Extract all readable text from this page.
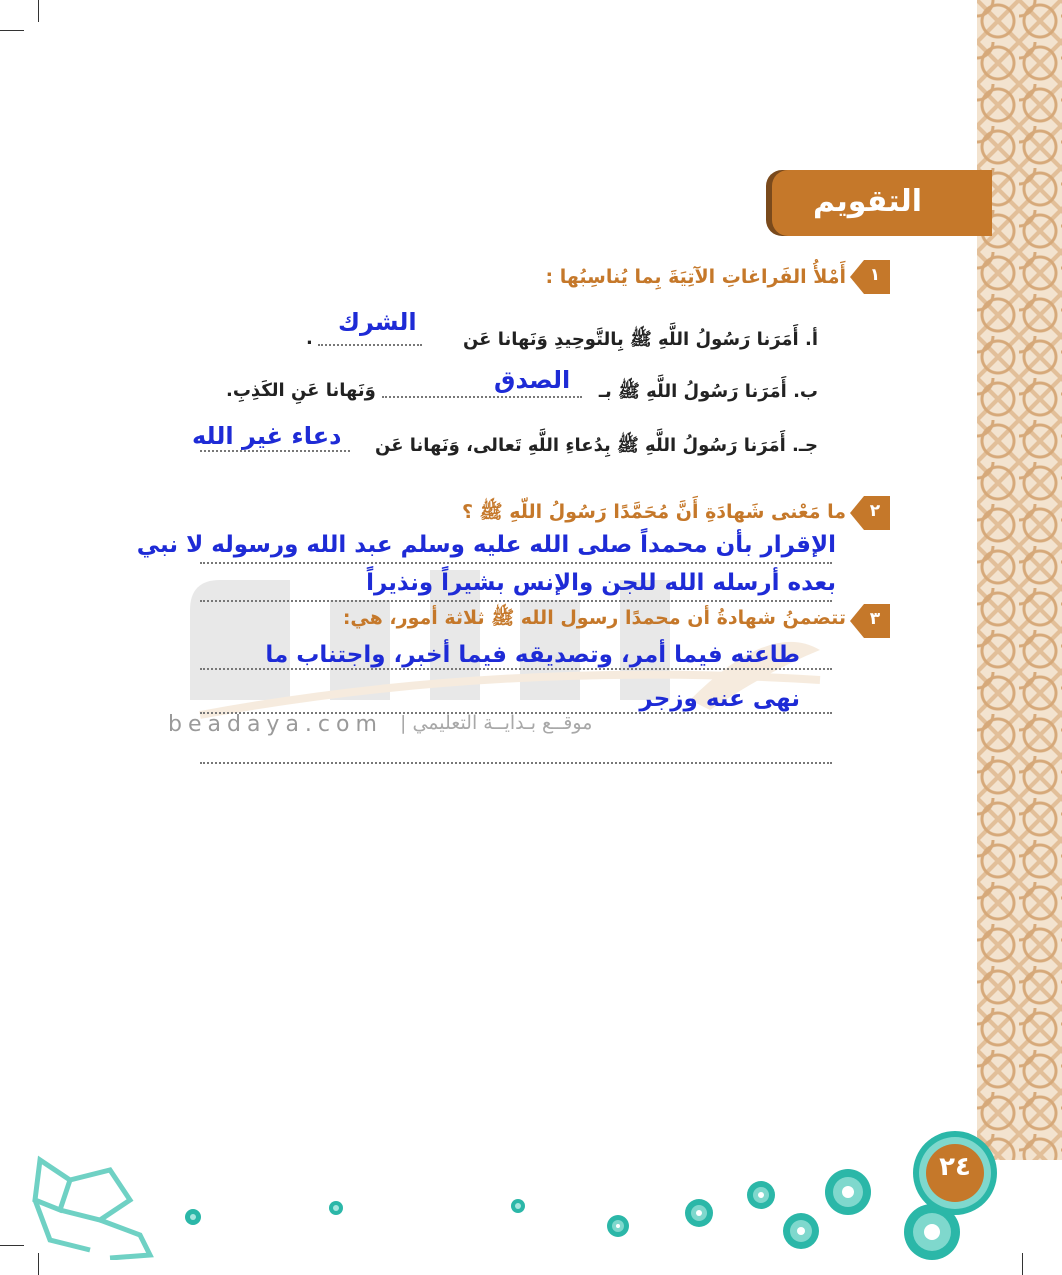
beadaya.com موقــع بـدايــة التعليمي |
التقويم
١
أَمْلأُ الفَراغاتِ الآتِيَةَ بِما يُناسِبُها :
أ. أَمَرَنا رَسُولُ اللَّهِ ﷺ بِالتَّوحِيدِ وَنَهانا عَن
.
الشرك
ب. أَمَرَنا رَسُولُ اللَّهِ ﷺ بـ
وَنَهانا عَنِ الكَذِبِ.	الصدق
جـ. أَمَرَنا رَسُولُ اللَّهِ ﷺ بِدُعاءِ اللَّهِ تَعالى، وَنَهانا عَن
دعاء غير الله
٢
ما مَعْنى شَهادَةِ أَنَّ مُحَمَّدًا رَسُولُ اللّهِ ﷺ ؟
الإقرار بأن محمداً صلى الله عليه وسلم عبد الله ورسوله لا نبي
بعده أرسله الله للجن والإنس بشيراً ونذيراً
٣
تتضمنُ شهادةُ أن محمدًا رسول الله ﷺ ثلاثة أمور، هي:
طاعته فيما أمر، وتصديقه فيما أخبر، واجتناب ما
نهى عنه وزجر
٢٤
